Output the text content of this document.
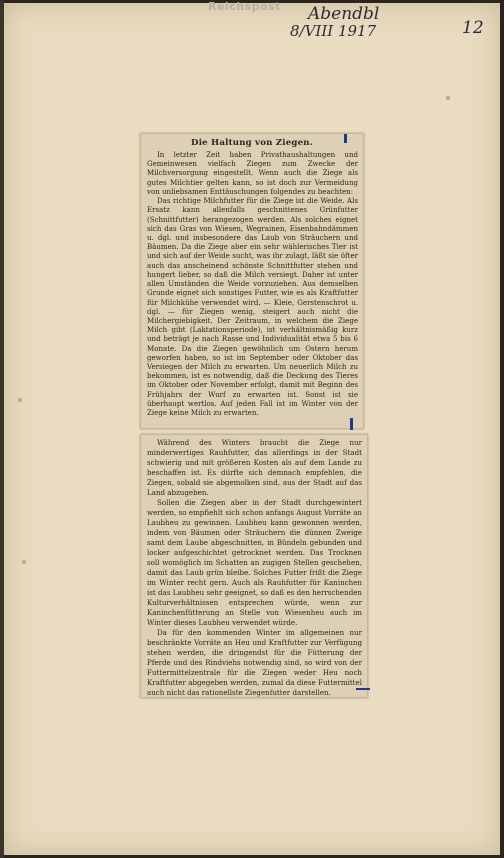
Reichspost Abendbl
8/VIII 1917	12
Die Haltung von Ziegen.

In letzter Zeit haben Privathaushaltungen und Gemeinwesen vielfach Ziegen zum Zwecke der Milchversorgung eingestellt. Wenn auch die Ziege als gutes Milchtier gelten kann, so ist doch zur Vermeidung von unliebsamen Enttäuschungen folgendes zu beachten:

Das richtige Milchfutter für die Ziege ist die Weide. Als Ersatz kann allenfalls geschnittenes Grünfutter (Schnittfutter) herangezogen werden. Als solches eignet sich das Gras von Wiesen, Wegrainen, Eisenbahndämmen u. dgl. und insbesondere das Laub von Sträuchern und Bäumen. Da die Ziege aber ein sehr wählerisches Tier ist und sich auf der Weide sucht, was ihr zulagt, läßt sie öfter auch das anscheinend schönste Schnittfutter stehen und hungert lieber, so daß die Milch versiegt. Daher ist unter allen Umständen die Weide vorzuziehen. Aus demselben Grunde eignet sich sonstiges Futter, wie es als Kraftfutter für Milchkühe verwendet wird, — Kleie, Gerstenschrot u. dgl. — für Ziegen wenig, steigert auch nicht die Milchergiebigkeit. Der Zeitraum, in welchem die Ziege Milch gibt (Laktationsperiode), ist verhältnismäßig kurz und beträgt je nach Rasse und Individualität etwa 5 bis 6 Monate. Da die Ziegen gewöhnlich um Ostern herum geworfen haben, so ist im September oder Oktober das Versiegen der Milch zu erwarten. Um neuerlich Milch zu bekommen, ist es notwendig, daß die Deckung des Tieres im Oktober oder November erfolgt, damit mit Beginn des Frühjahrs der Wurf zu erwarten ist. Sonst ist sie überhaupt wertlos. Auf jeden Fall ist im Winter von der Ziege keine Milch zu erwarten.

Während des Winters braucht die Ziege nur minderwertiges Rauhfutter, das allerdings in der Stadt schwierig und mit größeren Kosten als auf dem Lande zu beschaffen ist. Es dürfte sich demnach empfehlen, die Ziegen, sobald sie abgemolken sind, aus der Stadt auf das Land abzugeben.

Sollen die Ziegen aber in der Stadt durchgewintert werden, so empfiehlt sich schon anfangs August Vorräte an Laubheu zu gewinnen. Laubheu kann gewonnen werden, indem von Bäumen oder Sträuchern die dünnen Zweige samt dem Laube abgeschnitten, in Bündeln gebunden und locker aufgeschichtet getrocknet werden. Das Trocknen soll womöglich im Schatten an zugigen Stellen geschehen, damit das Laub grün bleibe. Solches Futter frißt die Ziege im Winter recht gern. Auch als Rauhfutter für Kaninchen ist das Laubheu sehr geeignet, so daß es den herrschenden Kulturverhältnissen entsprechen würde, wenn zur Kaninchenfütterung an Stelle von Wiesenheu auch im Winter dieses Laubheu verwendet würde.

Da für den kommenden Winter im allgemeinen nur beschränkte Vorräte an Heu und Kraftfutter zur Verfügung stehen werden, die dringendst für die Fütterung der Pferde und des Rindviehs notwendig sind, so wird von der Futtermittelzentrale für die Ziegen weder Heu noch Kraftfutter abgegeben werden, zumal da diese Futtermittel auch nicht das rationellste Ziegenfutter darstellen.
